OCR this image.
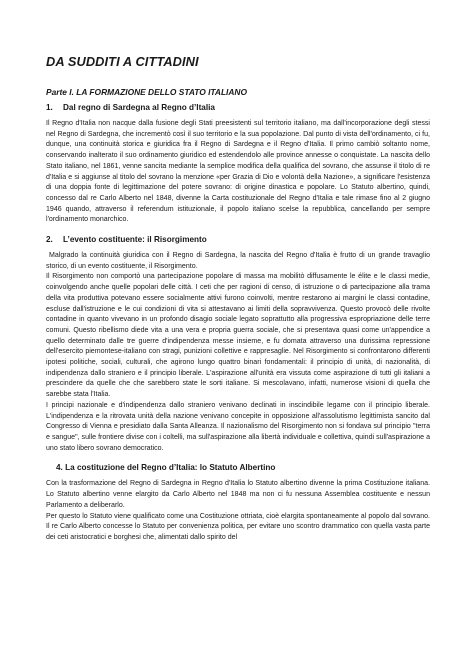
DA SUDDITI A CITTADINI

Parte I. LA FORMAZIONE DELLO STATO ITALIANO

1. Dal regno di Sardegna al Regno d’Italia

Il Regno d'Italia non nacque dalla fusione degli Stati preesistenti sul territorio italiano, ma dall'incorporazione degli stessi nel Regno di Sardegna, che incrementò così il suo territorio e la sua popolazione. Dal punto di vista dell'ordinamento, ci fu, dunque, una continuità storica e giuridica fra il Regno di Sardegna e il Regno d'Italia. Il primo cambiò soltanto nome, conservando inalterato il suo ordinamento giuridico ed estendendolo alle province annesse o conquistate. La nascita dello Stato italiano, nel 1861, venne sancita mediante la semplice modifica della qualifica del sovrano, che assunse il titolo di re d'Italia e si aggiunse al titolo del sovrano la menzione «per Grazia di Dio e volontà della Nazione», a significare l'esistenza di una doppia fonte di legittimazione del potere sovrano: di origine dinastica e popolare. Lo Statuto albertino, quindi, concesso dal re Carlo Alberto nel 1848, divenne la Carta costituzionale del Regno d'Italia e tale rimase fino al 2 giugno 1946 quando, attraverso il referendum istituzionale, il popolo italiano scelse la repubblica, cancellando per sempre l'ordinamento monarchico.

2. L’evento costituente: il Risorgimento

Malgrado la continuità giuridica con il Regno di Sardegna, la nascita del Regno d'Italia è frutto di un grande travaglio storico, di un evento costituente, il Risorgimento.

Il Risorgimento non comportò una partecipazione popolare di massa ma mobilitò diffusamente le élite e le classi medie, coinvolgendo anche quelle popolari delle città. I ceti che per ragioni di censo, di istruzione o di partecipazione alla trama della vita produttiva potevano essere socialmente attivi furono coinvolti, mentre restarono ai margini le classi contadine, escluse dall'istruzione e le cui condizioni di vita si attestavano ai limiti della sopravvivenza. Questo provocò delle rivolte contadine in quanto vivevano in un profondo disagio sociale legato soprattutto alla progressiva espropriazione delle terre comuni. Questo ribellismo diede vita a una vera e propria guerra sociale, che si presentava quasi come un'appendice a quello determinato dalle tre guerre d'indipendenza messe insieme, e fu domata attraverso una durissima repressione dell'esercito piemontese-italiano con stragi, punizioni collettive e rappresaglie. Nel Risorgimento si confrontarono differenti ipotesi politiche, sociali, culturali, che agirono lungo quattro binari fondamentali: il principio di unità, di nazionalità, di indipendenza dallo straniero e il principio liberale. L'aspirazione all'unità era vissuta come aspirazione di tutti gli italiani a prescindere da quelle che che sarebbero state le sorti italiane. Si mescolavano, infatti, numerose visioni di quella che sarebbe stata l'Italia.

I principi nazionale e d'indipendenza dallo straniero venivano declinati in inscindibile legame con il principio liberale. L'indipendenza e la ritrovata unità della nazione venivano concepite in opposizione all'assolutismo legittimista sancito dal Congresso di Vienna e presidiato dalla Santa Alleanza. Il nazionalismo del Risorgimento non si fondava sul principio "terra e sangue", sulle frontiere divise con i coltelli, ma sull'aspirazione alla libertà individuale e collettiva, quindi sull'aspirazione a uno stato libero sovrano democratico.

4. La costituzione del Regno d’Italia: lo Statuto Albertino

Con la trasformazione del Regno di Sardegna in Regno d'Italia lo Statuto albertino divenne la prima Costituzione italiana. Lo Statuto albertino venne elargito da Carlo Alberto nel 1848 ma non ci fu nessuna Assemblea costituente e nessun Parlamento a deliberarlo.

Per questo lo Statuto viene qualificato come una Costituzione ottriata, cioè elargita spontaneamente al popolo dal sovrano. Il re Carlo Alberto concesse lo Statuto per convenienza politica, per evitare uno scontro drammatico con quella vasta parte dei ceti aristocratici e borghesi che, alimentati dallo spirito del
